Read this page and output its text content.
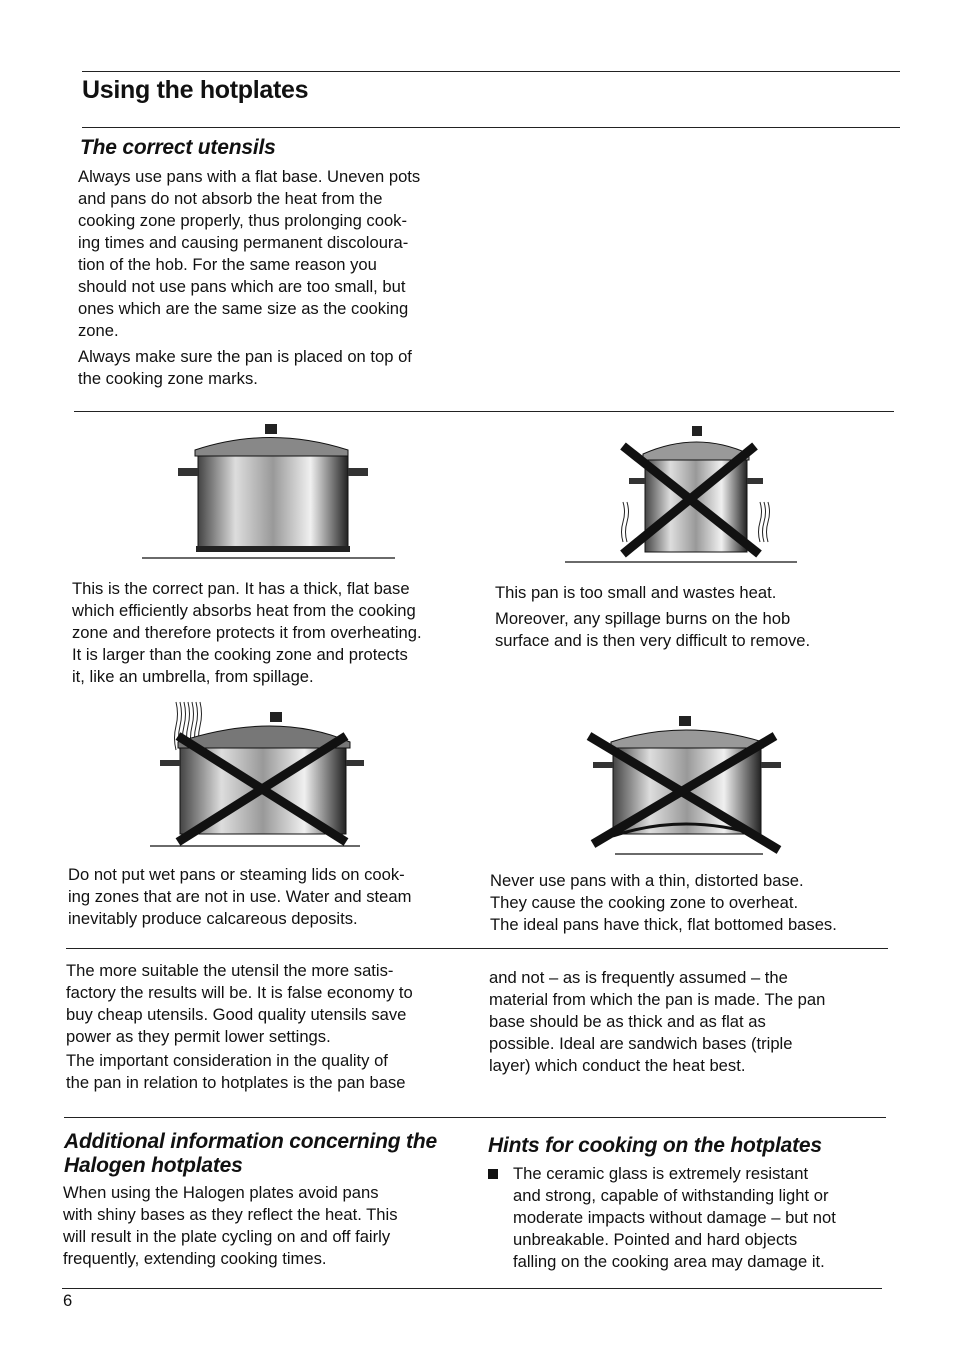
Using the hotplates
The correct utensils

Always use pans with a flat base. Uneven pots
and pans do not absorb the heat from the
cooking zone properly, thus prolonging cook-
ing times and causing permanent discoloura-
tion of the hob. For the same reason you
should not use pans which are too small, but
ones which are the same size as the cooking
zone.

Always make sure the pan is placed on top of
the cooking zone marks.

This is the correct pan. It has a thick, flat base
which efficiently absorbs heat from the cooking
zone and therefore protects it from overheating.
It is larger than the cooking zone and protects
it, like an umbrella, from spillage.

This pan is too small and wastes heat.

Moreover, any spillage burns on the hob
surface and is then very difficult to remove.

Do not put wet pans or steaming lids on cook-
ing zones that are not in use. Water and steam
inevitably produce calcareous deposits.

Never use pans with a thin, distorted base.

They cause the cooking zone to overheat.

The ideal pans have thick, flat bottomed bases.

The more suitable the utensil the more satis-
factory the results will be. It is false economy to
buy cheap utensils. Good quality utensils save
power as they permit lower settings.

The important consideration in the quality of
the pan in relation to hotplates is the pan base

and not – as is frequently assumed – the
material from which the pan is made. The pan
base should be as thick and as flat as
possible. Ideal are sandwich bases (triple
layer) which conduct the heat best.

Additional information concerning the
Halogen hotplates

When using the Halogen plates avoid pans
with shiny bases as they reflect the heat. This
will result in the plate cycling on and off fairly
frequently, extending cooking times.

Hints for cooking on the hotplates

The ceramic glass is extremely resistant
and strong, capable of withstanding light or
moderate impacts without damage – but not
unbreakable. Pointed and hard objects
falling on the cooking area may damage it.

6
